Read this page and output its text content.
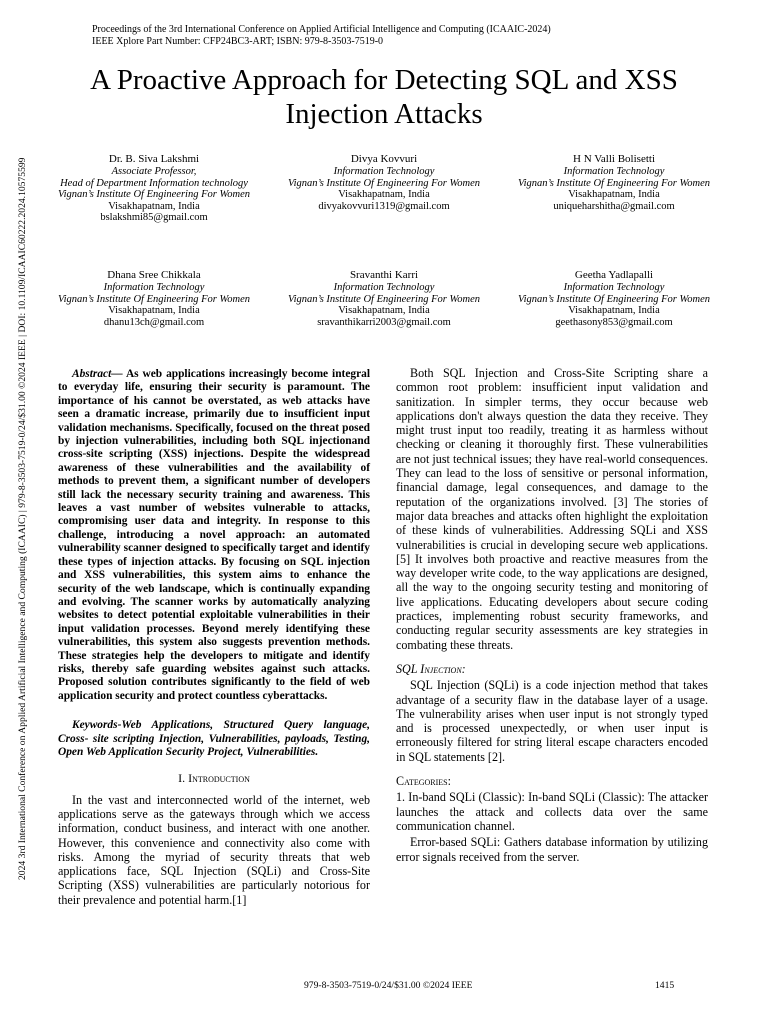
Proceedings of the 3rd International Conference on Applied Artificial Intelligence and Computing (ICAAIC-2024)
IEEE Xplore Part Number: CFP24BC3-ART; ISBN: 979-8-3503-7519-0
2024 3rd International Conference on Applied Artificial Intelligence and Computing (ICAAIC) | 979-8-3503-7519-0/24/$31.00 ©2024 IEEE | DOI: 10.1109/ICAAIC60222.2024.10575599
A Proactive Approach for Detecting SQL and XSS Injection Attacks
Dr. B. Siva Lakshmi
Associate Professor,
Head of Department Information technology
Vignan’s Institute Of Engineering For Women
Visakhapatnam, India
bslakshmi85@gmail.com
Divya Kovvuri
Information Technology
Vignan’s Institute Of Engineering For Women
Visakhapatnam, India
divyakovvuri1319@gmail.com
H N Valli Bolisetti
Information Technology
Vignan’s Institute Of Engineering For Women
Visakhapatnam, India
uniqueharshitha@gmail.com
Dhana Sree Chikkala
Information Technology
Vignan’s Institute Of Engineering For Women
Visakhapatnam, India
dhanu13ch@gmail.com
Sravanthi Karri
Information Technology
Vignan’s Institute Of Engineering For Women
Visakhapatnam, India
sravanthikarri2003@gmail.com
Geetha Yadlapalli
Information Technology
Vignan’s Institute Of Engineering For Women
Visakhapatnam, India
geethasony853@gmail.com

Abstract— As web applications increasingly become integral to everyday life, ensuring their security is paramount. The importance of his cannot be overstated, as web attacks have seen a dramatic increase, primarily due to insufficient input validation mechanisms. Specifically, focused on the threat posed by injection vulnerabilities, including both SQL injectionand cross-site scripting (XSS) injections. Despite the widespread awareness of these vulnerabilities and the availability of methods to prevent them, a significant number of developers still lack the necessary security training and awareness. This leaves a vast number of websites vulnerable to attacks, compromising user data and integrity. In response to this challenge, introducing a novel approach: an automated vulnerability scanner designed to specifically target and identify these types of injection attacks. By focusing on SQL injection and XSS vulnerabilities, this system aims to enhance the security of the web landscape, which is continually expanding and evolving. The scanner works by automatically analyzing websites to detect potential exploitable vulnerabilities in their input validation processes. Beyond merely identifying these vulnerabilities, this system also suggests prevention methods. These strategies help the developers to mitigate and identify risks, thereby safe guarding websites against such attacks. Proposed solution contributes significantly to the field of web application security and protect countless cyberattacks.

Keywords-Web Applications, Structured Query language, Cross- site scripting Injection, Vulnerabilities, payloads, Testing, Open Web Application Security Project, Vulnerabilities.

I. Introduction

In the vast and interconnected world of the internet, web applications serve as the gateways through which we access information, conduct business, and interact with one another. However, this convenience and connectivity also come with risks. Among the myriad of security threats that web applications face, SQL Injection (SQLi) and Cross-Site Scripting (XSS) vulnerabilities are particularly notorious for their prevalence and potential harm.[1]

Both SQL Injection and Cross-Site Scripting share a common root problem: insufficient input validation and sanitization. In simpler terms, they occur because web applications don't always question the data they receive. They might trust input too readily, treating it as harmless without checking or cleaning it thoroughly first. These vulnerabilities are not just technical issues; they have real-world consequences. They can lead to the loss of sensitive or personal information, financial damage, legal consequences, and damage to the reputation of the organizations involved. [3] The stories of major data breaches and attacks often highlight the exploitation of these kinds of vulnerabilities. Addressing SQLi and XSS vulnerabilities is crucial in developing secure web applications. [5] It involves both proactive and reactive measures from the way developer write code, to the way applications are designed, all the way to the ongoing security testing and monitoring of live applications. Educating developers about secure coding practices, implementing robust security frameworks, and conducting regular security assessments are key strategies in combating these threats.

SQL Injection:

SQL Injection (SQLi) is a code injection method that takes advantage of a security flaw in the database layer of a usage. The vulnerability arises when user input is not strongly typed and is processed unexpectedly, or when user input is erroneously filtered for string literal escape characters encoded in SQL statements [2].

Categories:

1. In-band SQLi (Classic): In-band SQLi (Classic): The attacker launches the attack and collects data over the same communication channel.

Error-based SQLi: Gathers database information by utilizing error signals received from the server.

979-8-3503-7519-0/24/$31.00 ©2024 IEEE	1415
